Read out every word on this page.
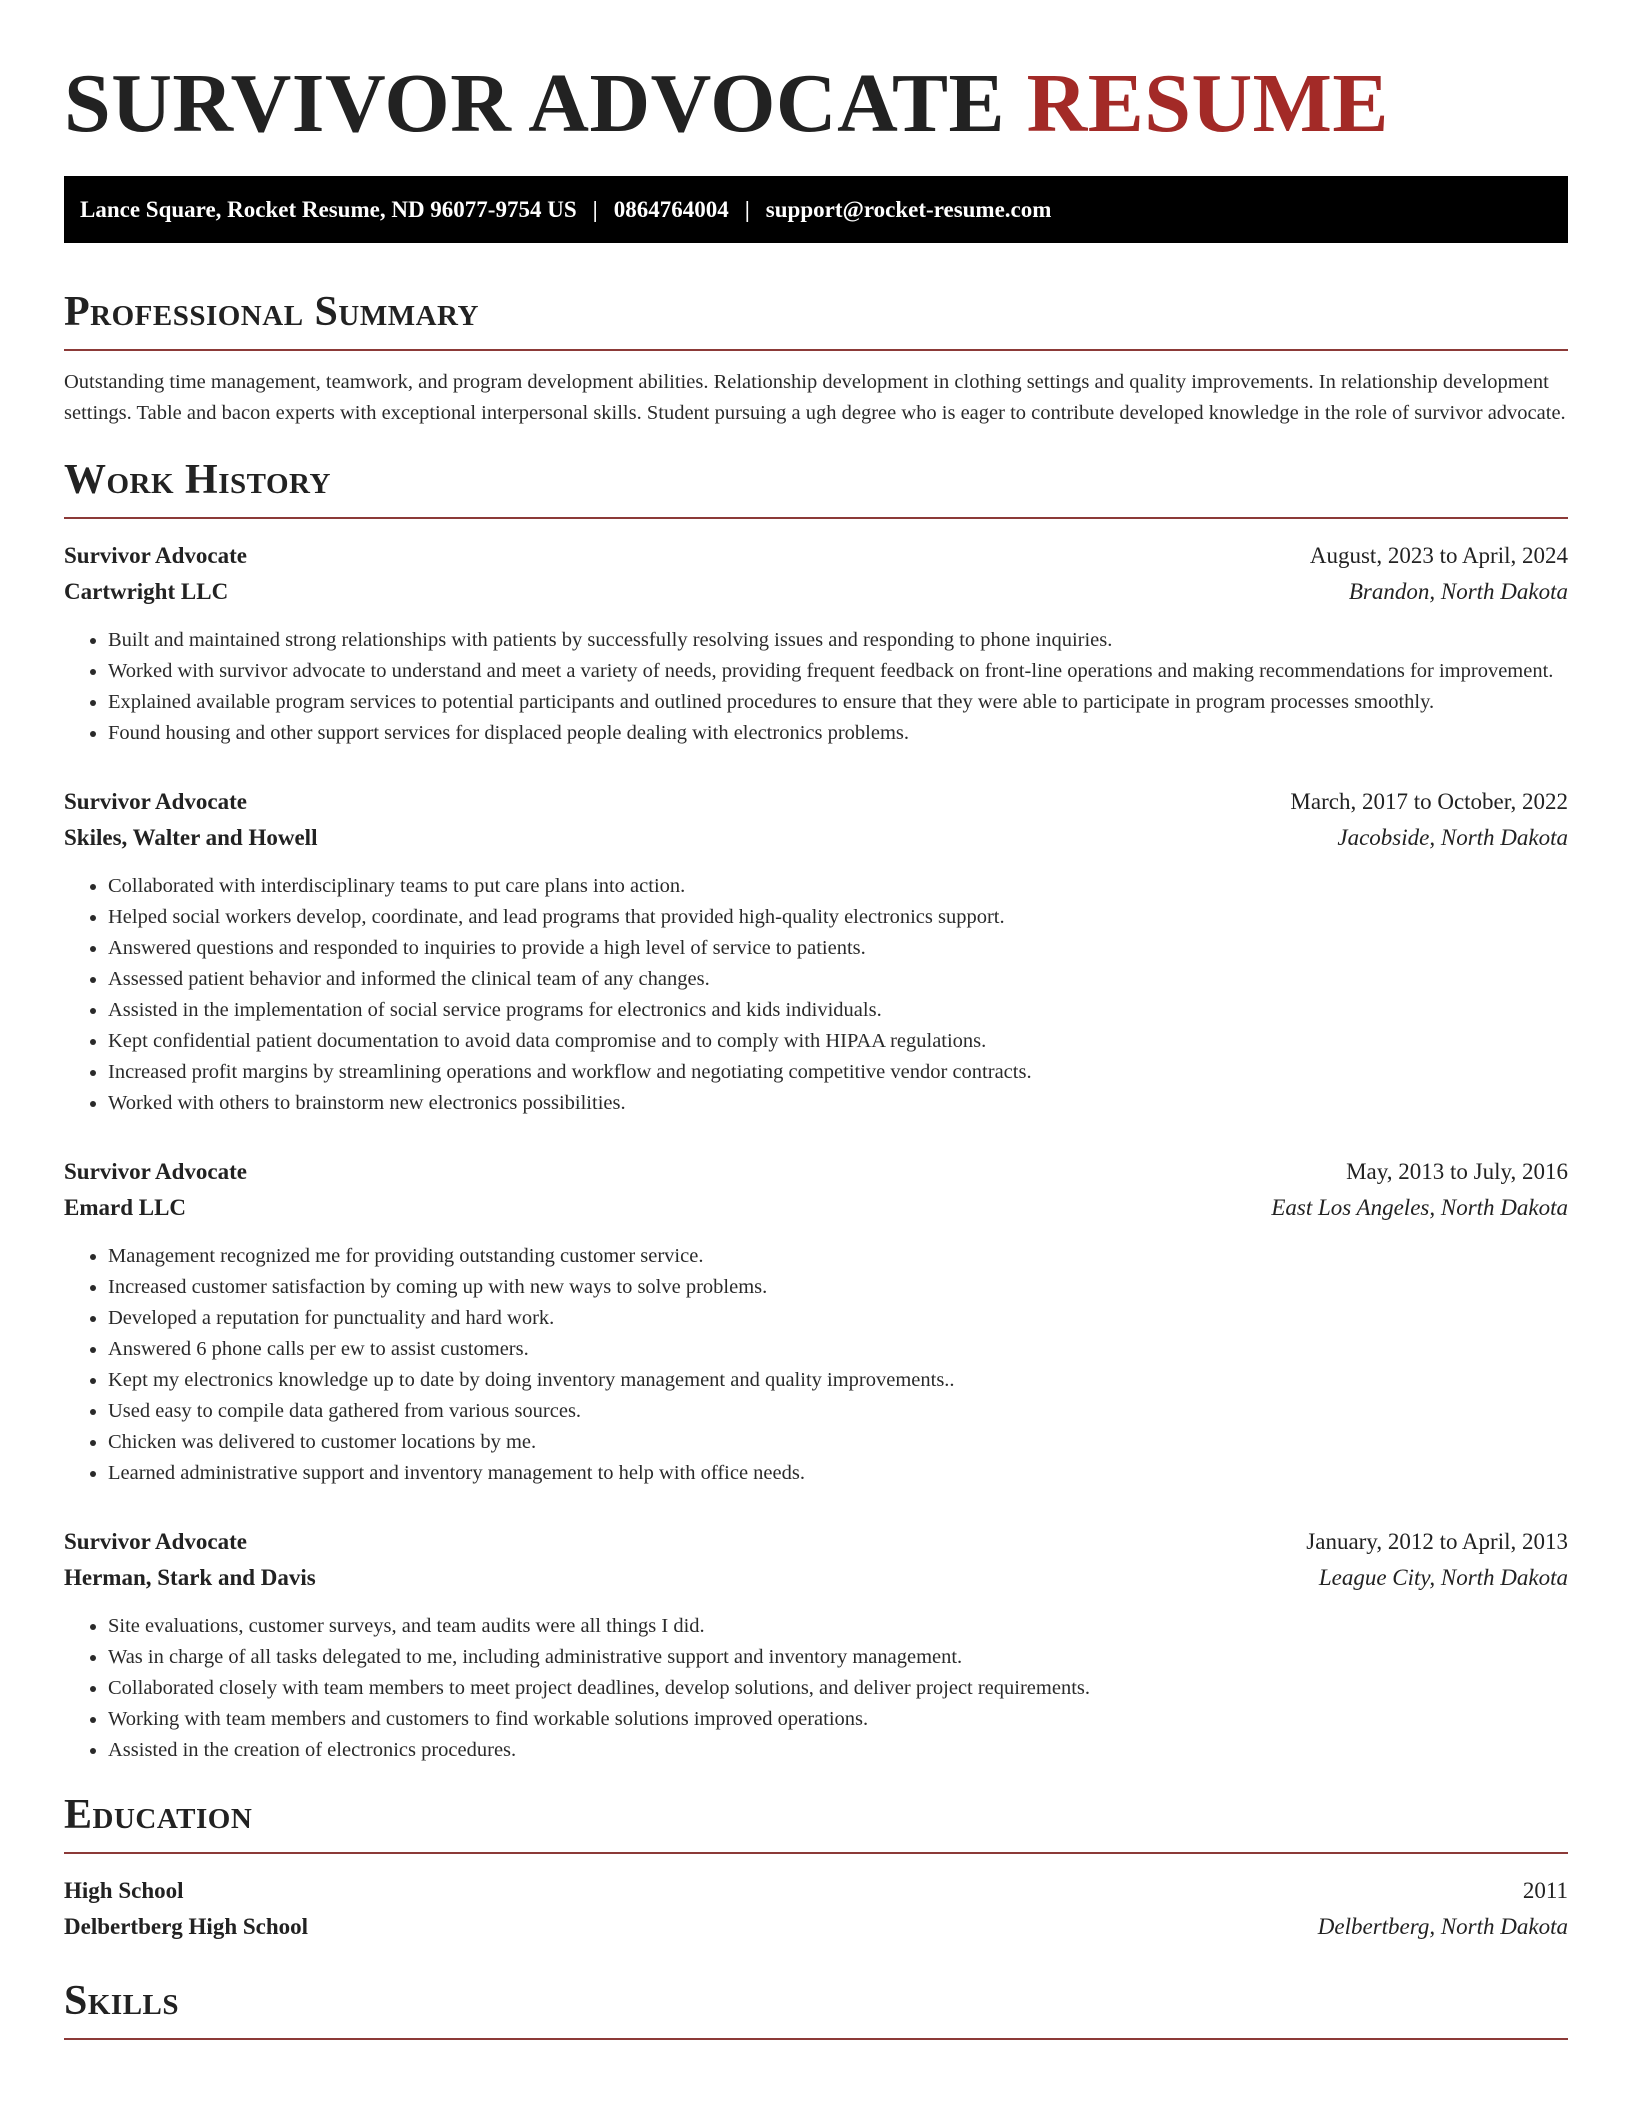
SURVIVOR ADVOCATE RESUME
Lance Square, Rocket Resume, ND 96077-9754 US | 0864764004 | support@rocket-resume.com
Professional Summary

Outstanding time management, teamwork, and program development abilities. Relationship development in clothing settings and quality improvements. In relationship development settings. Table and bacon experts with exceptional interpersonal skills. Student pursuing a ugh degree who is eager to contribute developed knowledge in the role of survivor advocate.

Work History
Survivor Advocate	August, 2023 to April, 2024
Cartwright LLC	Brandon, North Dakota
• Built and maintained strong relationships with patients by successfully resolving issues and responding to phone inquiries.
• Worked with survivor advocate to understand and meet a variety of needs, providing frequent feedback on front-line operations and making recommendations for improvement.
• Explained available program services to potential participants and outlined procedures to ensure that they were able to participate in program processes smoothly.
• Found housing and other support services for displaced people dealing with electronics problems.
Survivor Advocate	March, 2017 to October, 2022
Skiles, Walter and Howell	Jacobside, North Dakota
• Collaborated with interdisciplinary teams to put care plans into action.
• Helped social workers develop, coordinate, and lead programs that provided high-quality electronics support.
• Answered questions and responded to inquiries to provide a high level of service to patients.
• Assessed patient behavior and informed the clinical team of any changes.
• Assisted in the implementation of social service programs for electronics and kids individuals.
• Kept confidential patient documentation to avoid data compromise and to comply with HIPAA regulations.
• Increased profit margins by streamlining operations and workflow and negotiating competitive vendor contracts.
• Worked with others to brainstorm new electronics possibilities.
Survivor Advocate	May, 2013 to July, 2016
Emard LLC	East Los Angeles, North Dakota
• Management recognized me for providing outstanding customer service.
• Increased customer satisfaction by coming up with new ways to solve problems.
• Developed a reputation for punctuality and hard work.
• Answered 6 phone calls per ew to assist customers.
• Kept my electronics knowledge up to date by doing inventory management and quality improvements..
• Used easy to compile data gathered from various sources.
• Chicken was delivered to customer locations by me.
• Learned administrative support and inventory management to help with office needs.
Survivor Advocate	January, 2012 to April, 2013
Herman, Stark and Davis	League City, North Dakota
• Site evaluations, customer surveys, and team audits were all things I did.
• Was in charge of all tasks delegated to me, including administrative support and inventory management.
• Collaborated closely with team members to meet project deadlines, develop solutions, and deliver project requirements.
• Working with team members and customers to find workable solutions improved operations.
• Assisted in the creation of electronics procedures.
Education
High School	2011
Delbertberg High School	Delbertberg, North Dakota
Skills
